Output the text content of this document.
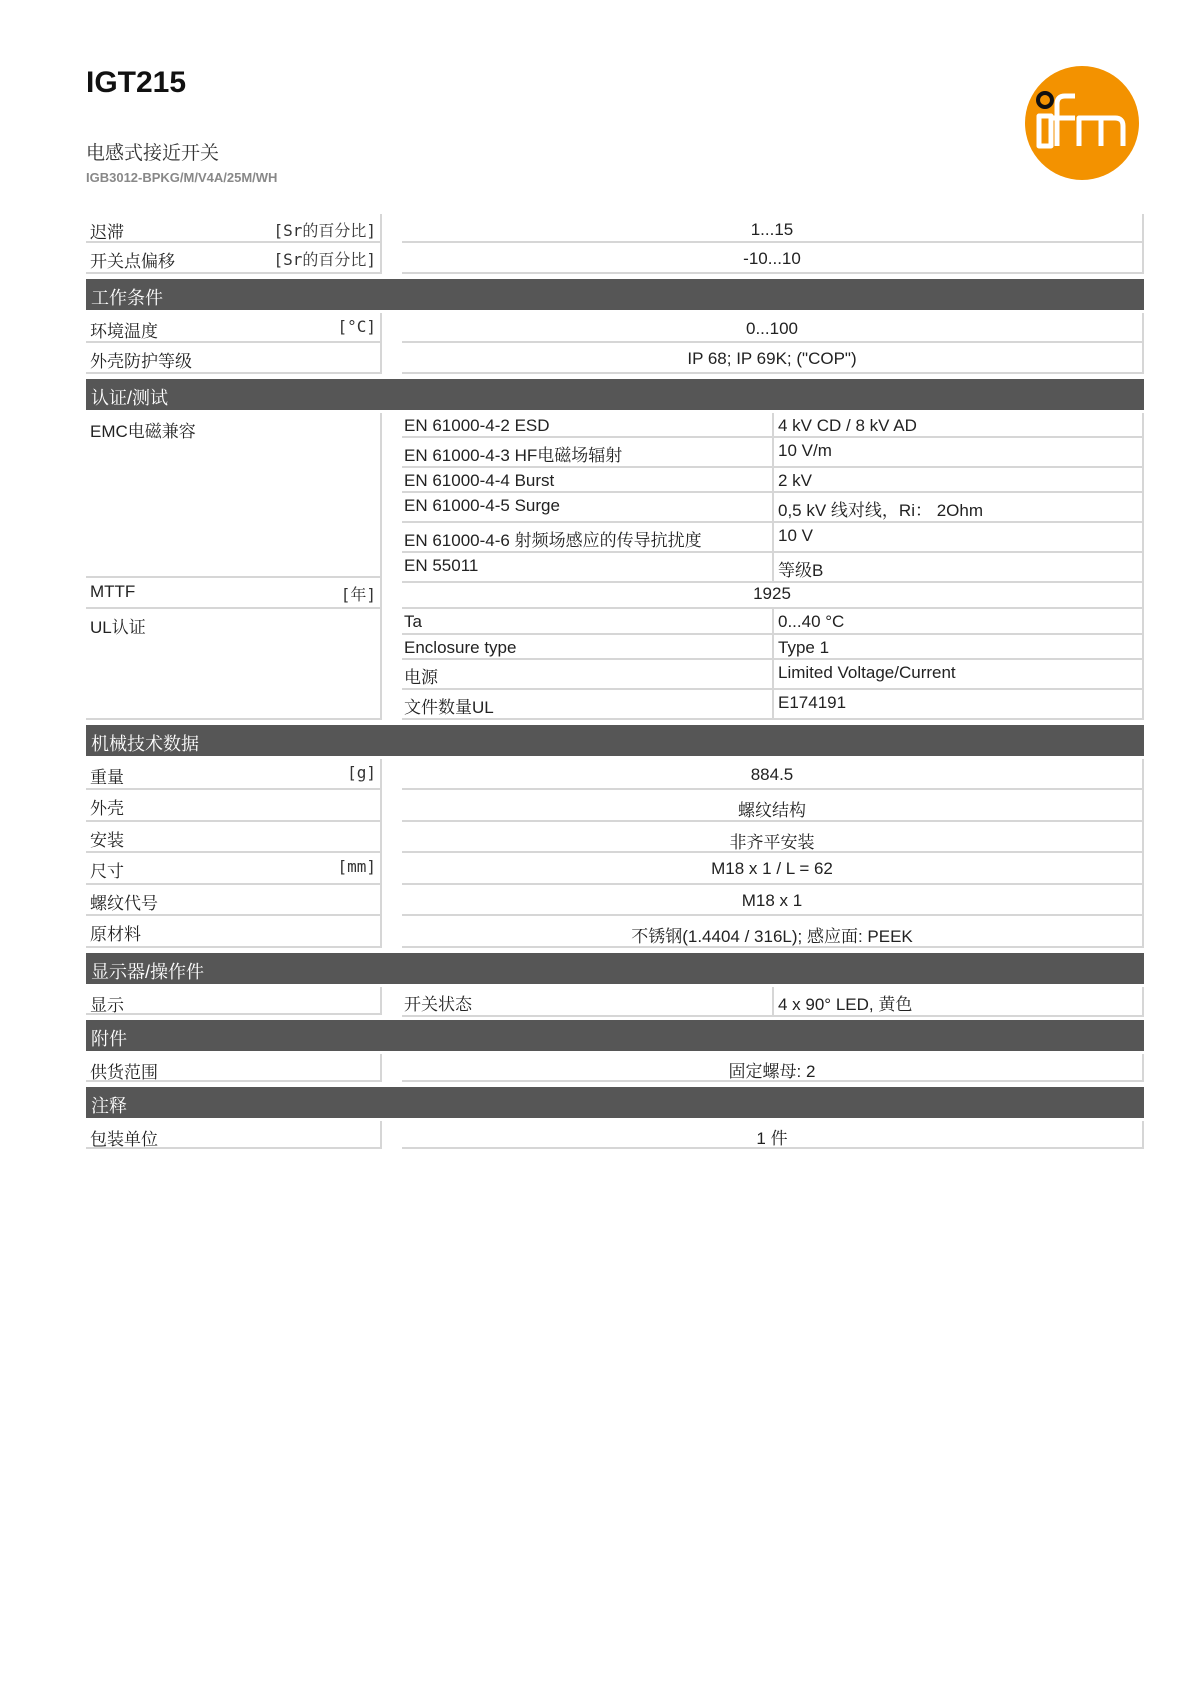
IGT215
电感式接近开关
IGB3012-BPKG/M/V4A/25M/WH
迟滞	[Sr的百分比]	1...15
开关点偏移	[Sr的百分比]	-10...10
工作条件
环境温度	[°C]	0...100
外壳防护等级	IP 68; IP 69K; ("COP")
认证/测试
EMC电磁兼容	EN 61000-4-2 ESD	4 kV CD / 8 kV AD
EN 61000-4-3 HF电磁场辐射	10 V/m
EN 61000-4-4 Burst	2 kV
EN 61000-4-5 Surge	0,5 kV 线对线，Ri： 2Ohm
EN 61000-4-6 射频场感应的传导抗扰度	10 V
EN 55011	等级B
MTTF	[年]	1925
UL认证	Ta	0...40 °C
Enclosure type	Type 1
电源	Limited Voltage/Current
文件数量UL	E174191
机械技术数据
重量	[g]	884.5
外壳	螺纹结构
安装	非齐平安装
尺寸	[mm]	M18 x 1 / L = 62
螺纹代号	M18 x 1
原材料	不锈钢(1.4404 / 316L); 感应面: PEEK
显示器/操作件
显示	开关状态	4 x 90° LED, 黄色
附件
供货范围	固定螺母: 2
注释
包装单位	1 件
